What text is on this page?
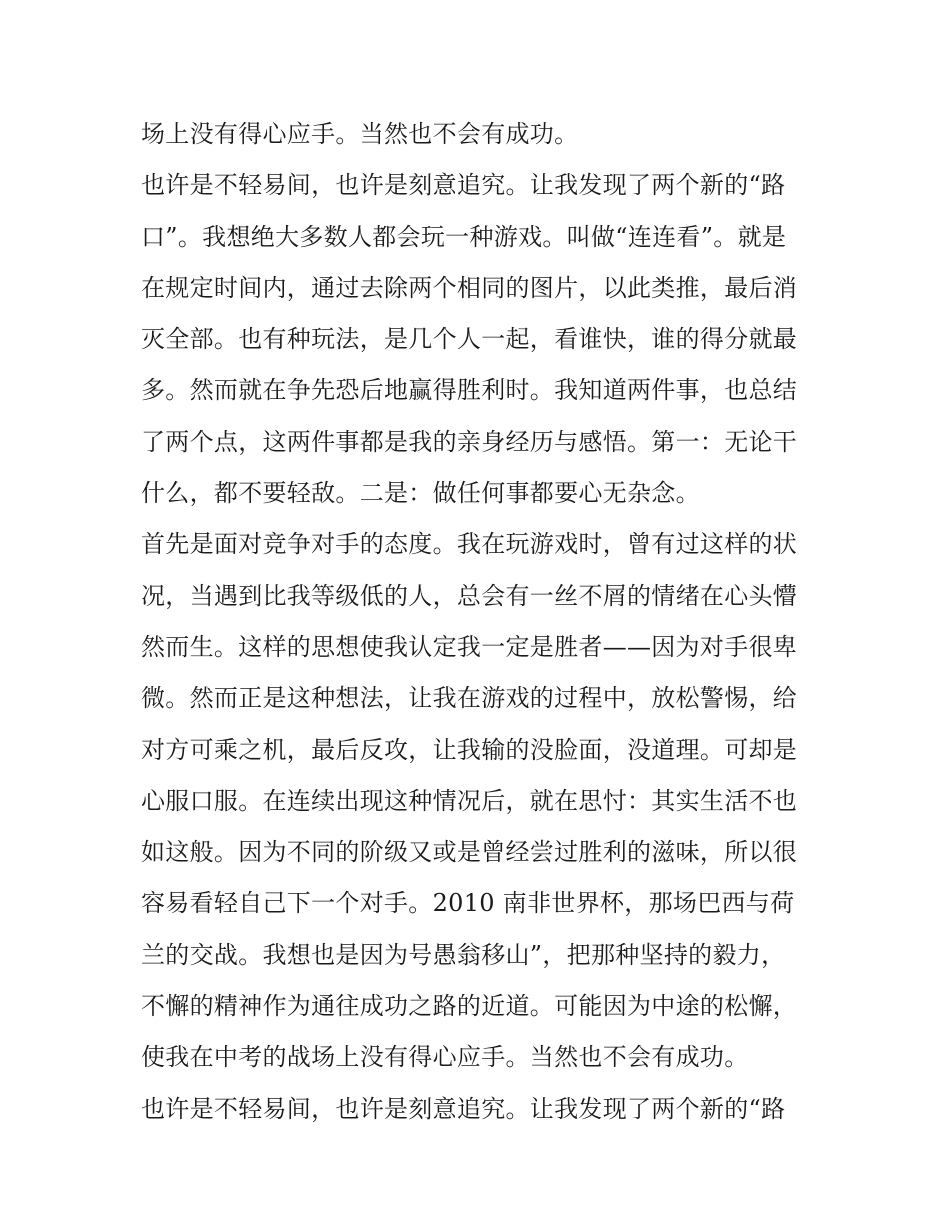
场上没有得心应手。当然也不会有成功。
也许是不轻易间，也许是刻意追究。让我发现了两个新的“路
口”。我想绝大多数人都会玩一种游戏。叫做“连连看”。就是
在规定时间内，通过去除两个相同的图片，以此类推，最后消
灭全部。也有种玩法，是几个人一起，看谁快，谁的得分就最
多。然而就在争先恐后地赢得胜利时。我知道两件事，也总结
了两个点，这两件事都是我的亲身经历与感悟。第一：无论干
什么，都不要轻敌。二是：做任何事都要心无杂念。
首先是面对竞争对手的态度。我在玩游戏时，曾有过这样的状
况，当遇到比我等级低的人，总会有一丝不屑的情绪在心头懵
然而生。这样的思想使我认定我一定是胜者——因为对手很卑
微。然而正是这种想法，让我在游戏的过程中，放松警惕，给
对方可乘之机，最后反攻，让我输的没脸面，没道理。可却是
心服口服。在连续出现这种情况后，就在思忖：其实生活不也
如这般。因为不同的阶级又或是曾经尝过胜利的滋味，所以很
容易看轻自己下一个对手。2010 南非世界杯，那场巴西与荷
兰的交战。我想也是因为号愚翁移山”，把那种坚持的毅力，
不懈的精神作为通往成功之路的近道。可能因为中途的松懈，
使我在中考的战场上没有得心应手。当然也不会有成功。
也许是不轻易间，也许是刻意追究。让我发现了两个新的“路
